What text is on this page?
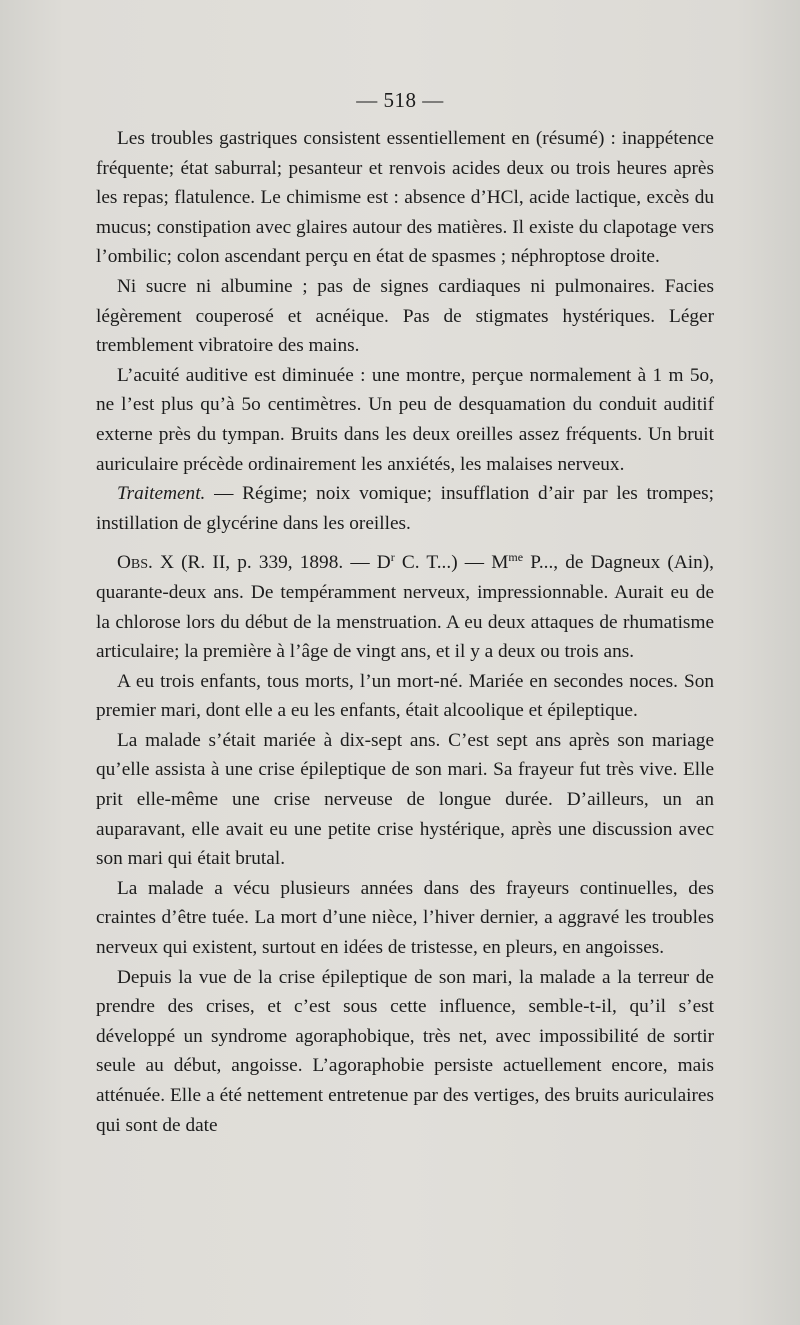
— 518 —

Les troubles gastriques consistent essentiellement en (résumé) : inappétence fréquente; état saburral; pesanteur et renvois acides deux ou trois heures après les repas; flatulence. Le chimisme est : absence d’HCl, acide lactique, excès du mucus; constipation avec glaires autour des matières. Il existe du clapotage vers l’ombilic; colon ascendant perçu en état de spasmes ; néphroptose droite.

Ni sucre ni albumine ; pas de signes cardiaques ni pulmonaires. Facies légèrement couperosé et acnéique. Pas de stigmates hystériques. Léger tremblement vibratoire des mains.

L’acuité auditive est diminuée : une montre, perçue normalement à 1 m 5o, ne l’est plus qu’à 5o centimètres. Un peu de desquamation du conduit auditif externe près du tympan. Bruits dans les deux oreilles assez fréquents. Un bruit auriculaire précède ordinairement les anxiétés, les malaises nerveux.

Traitement. — Régime; noix vomique; insufflation d’air par les trompes; instillation de glycérine dans les oreilles.

Obs. X (R. II, p. 339, 1898. — $D^r$ C. T...) — $M^{me}$ P..., de Dagneux (Ain), quarante-deux ans. De tempéramment nerveux, impressionnable. Aurait eu de la chlorose lors du début de la menstruation. A eu deux attaques de rhumatisme articulaire; la première à l’âge de vingt ans, et il y a deux ou trois ans.

A eu trois enfants, tous morts, l’un mort-né. Mariée en secondes noces. Son premier mari, dont elle a eu les enfants, était alcoolique et épileptique.

La malade s’était mariée à dix-sept ans. C’est sept ans après son mariage qu’elle assista à une crise épileptique de son mari. Sa frayeur fut très vive. Elle prit elle-même une crise nerveuse de longue durée. D’ailleurs, un an auparavant, elle avait eu une petite crise hystérique, après une discussion avec son mari qui était brutal.

La malade a vécu plusieurs années dans des frayeurs continuelles, des craintes d’être tuée. La mort d’une nièce, l’hiver dernier, a aggravé les troubles nerveux qui existent, surtout en idées de tristesse, en pleurs, en angoisses.

Depuis la vue de la crise épileptique de son mari, la malade a la terreur de prendre des crises, et c’est sous cette influence, semble-t-il, qu’il s’est développé un syndrome agoraphobique, très net, avec impossibilité de sortir seule au début, angoisse. L’agoraphobie persiste actuellement encore, mais atténuée. Elle a été nettement entretenue par des vertiges, des bruits auriculaires qui sont de date
